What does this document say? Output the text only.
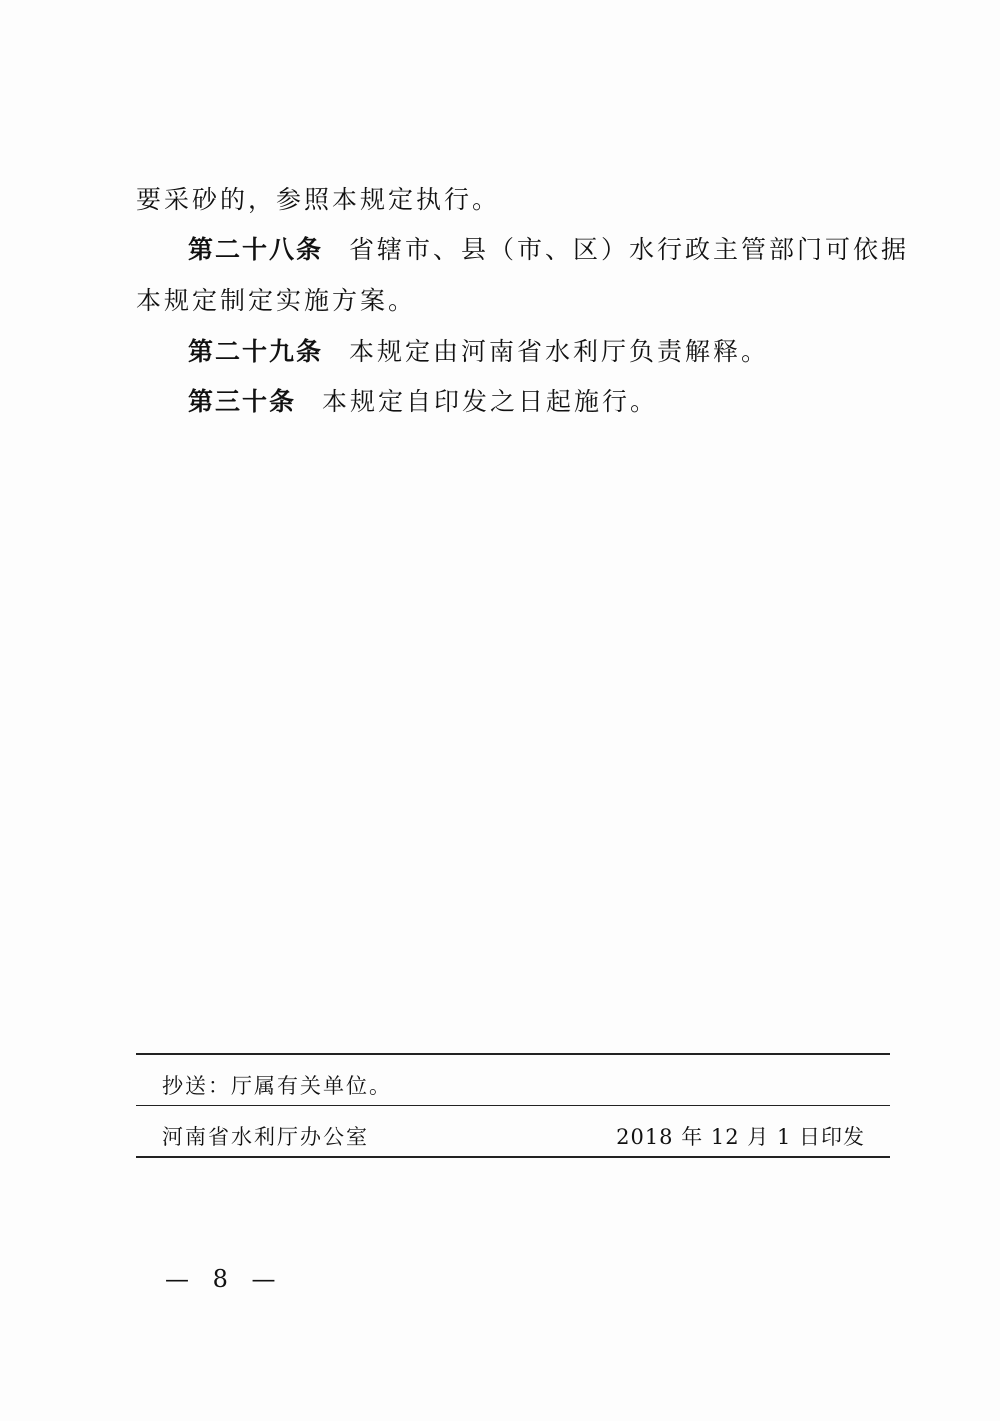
要采砂的，参照本规定执行。
第二十八条 省辖市、县（市、区）水行政主管部门可依据
本规定制定实施方案。
第二十九条 本规定由河南省水利厅负责解释。
第三十条 本规定自印发之日起施行。
抄送：厅属有关单位。
河南省水利厅办公室	2018 年 12 月 1 日印发
— 8 —
